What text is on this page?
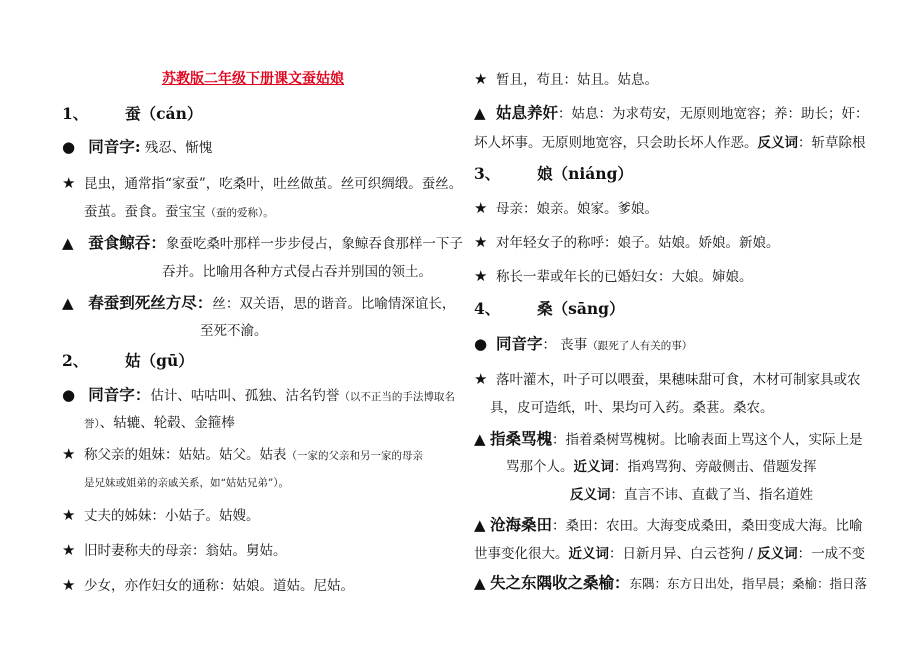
苏教版二年级下册课文蚕姑娘
1、 蚕（cán）
● 同音字: 残忍、惭愧
★ 昆虫，通常指“家蚕”，吃桑叶，吐丝做茧。丝可织绸缎。蚕丝。
蚕茧。蚕食。蚕宝宝（蚕的爱称）。
▲ 蚕食鲸吞：象蚕吃桑叶那样一步步侵占，象鲸吞食那样一下子
吞并。比喻用各种方式侵占吞并别国的领土。
▲ 春蚕到死丝方尽：丝：双关语，思的谐音。比喻情深谊长，
至死不渝。
2、 姑（gū）
● 同音字：估计、咕咕叫、孤独、沽名钓誉（以不正当的手法博取名
誉）、轱辘、轮毂、金箍棒
★ 称父亲的姐妹：姑姑。姑父。姑表（一家的父亲和另一家的母亲
是兄妹或姐弟的亲戚关系，如“姑姑兄弟”）。
★ 丈夫的姊妹：小姑子。姑嫂。
★ 旧时妻称夫的母亲：翁姑。舅姑。
★ 少女，亦作妇女的通称：姑娘。道姑。尼姑。
★ 暂且，苟且：姑且。姑息。
▲ 姑息养奸：姑息：为求苟安，无原则地宽容；养：助长；奸：
坏人坏事。无原则地宽容，只会助长坏人作恶。反义词：斩草除根
3、 娘（niáng）
★ 母亲：娘亲。娘家。爹娘。
★ 对年轻女子的称呼：娘子。姑娘。娇娘。新娘。
★ 称长一辈或年长的已婚妇女：大娘。婶娘。
4、 桑（sāng）
● 同音字： 丧事（跟死了人有关的事）
★ 落叶灌木，叶子可以喂蚕，果穗味甜可食，木材可制家具或农
具，皮可造纸，叶、果均可入药。桑葚。桑农。
▲ 指桑骂槐：指着桑树骂槐树。比喻表面上骂这个人，实际上是
骂那个人。近义词：指鸡骂狗、旁敲侧击、借题发挥
反义词：直言不讳、直截了当、指名道姓
▲ 沧海桑田：桑田：农田。大海变成桑田，桑田变成大海。比喻
世事变化很大。近义词：日新月异、白云苍狗 / 反义词：一成不变
▲ 失之东隅收之桑榆：东隅：东方日出处，指早晨；桑榆：指日落
